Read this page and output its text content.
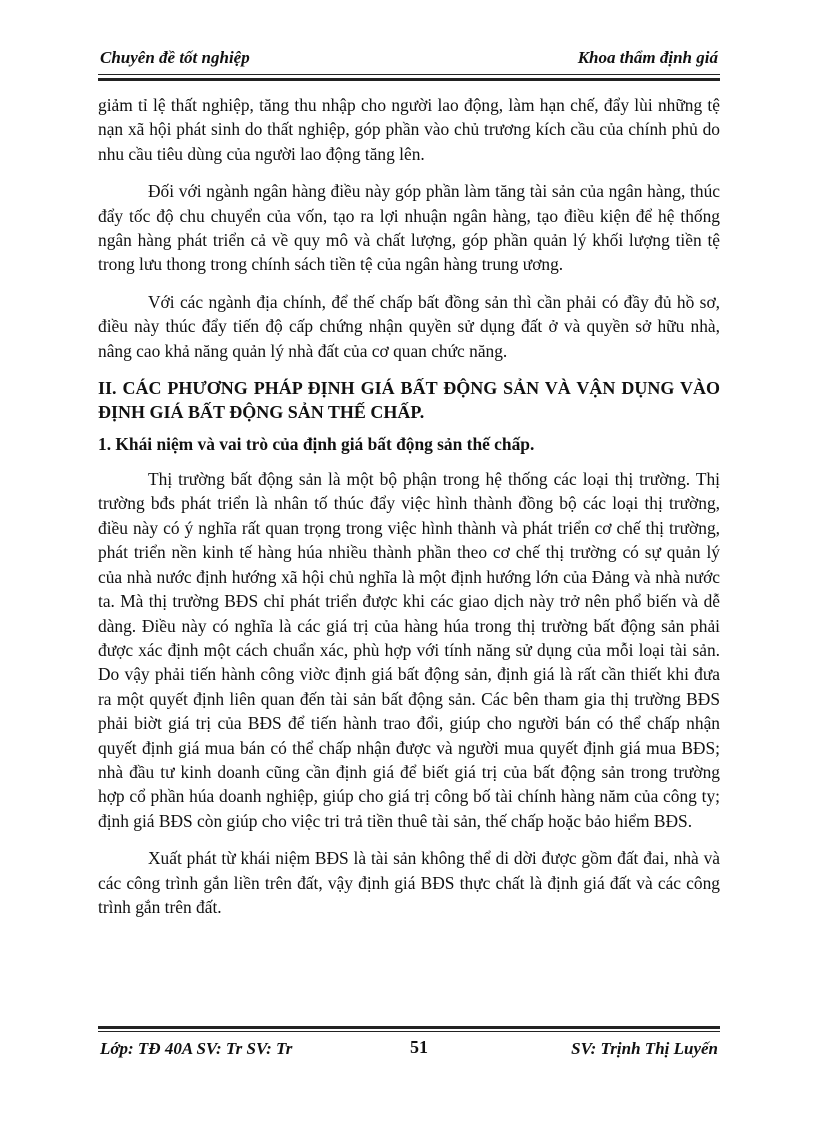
Chuyên đề tốt nghiệp	Khoa thẩm định giá

giảm tỉ lệ thất nghiệp, tăng thu nhập cho người lao động, làm hạn chế, đẩy lùi những tệ nạn xã hội phát sinh do thất nghiệp, góp phần vào chủ trương kích cầu của chính phủ do nhu cầu tiêu dùng của người lao động tăng lên.

Đối với ngành ngân hàng điều này góp phần làm tăng tài sản của ngân hàng, thúc đẩy tốc độ chu chuyển của vốn, tạo ra lợi nhuận ngân hàng, tạo điều kiện để hệ thống ngân hàng phát triển cả về quy mô và chất lượng, góp phần quản lý khối lượng tiền tệ trong lưu thong trong chính sách tiền tệ của ngân hàng trung ương.

Với các ngành địa chính, để thế chấp bất đồng sản thì cần phải có đầy đủ hồ sơ, điều này thúc đẩy tiến độ cấp chứng nhận quyền sử dụng đất ở và quyền sở hữu nhà, nâng cao khả năng quản lý nhà đất của cơ quan chức năng.

II. CÁC PHƯƠNG PHÁP ĐỊNH GIÁ BẤT ĐỘNG SẢN VÀ VẬN DỤNG VÀO ĐỊNH GIÁ BẤT ĐỘNG SẢN THẾ CHẤP.
1. Khái niệm và vai trò của định giá bất động sản thế chấp.

Thị trường bất động sản là một bộ phận trong hệ thống các loại thị trường. Thị trường bđs phát triển là nhân tố thúc đẩy việc hình thành đồng bộ các loại thị trường, điều này có ý nghĩa rất quan trọng trong việc hình thành và phát triển cơ chế thị trường, phát triển nền kinh tế hàng húa nhiều thành phần theo cơ chế thị trường có sự quản lý của nhà nước định hướng xã hội chủ nghĩa là một định hướng lớn của Đảng và nhà nước ta. Mà thị trường BĐS chỉ phát triển được khi các giao dịch này trở nên phổ biến và dễ dàng. Điều này có nghĩa là các giá trị của hàng húa trong thị trường bất động sản phải được xác định một cách chuẩn xác, phù hợp với tính năng sử dụng của mỗi loại tài sản. Do vậy phải tiến hành công viờc định giá bất động sản, định giá là rất cần thiết khi đưa ra một quyết định liên quan đến tài sản bất động sản. Các bên tham gia thị trường BĐS phải biờt giá trị của BĐS để tiến hành trao đổi, giúp cho người bán có thể chấp nhận quyết định giá mua bán có thể chấp nhận được và người mua quyết định giá mua BĐS; nhà đầu tư kinh doanh cũng cần định giá để biết giá trị của bất động sản trong trường hợp cổ phần húa doanh nghiệp, giúp cho giá trị công bố tài chính hàng năm của công ty; định giá BĐS còn giúp cho việc tri trả tiền thuê tài sản, thế chấp hoặc bảo hiểm BĐS.

Xuất phát từ khái niệm BĐS là tài sản không thể di dời được gồm đất đai, nhà và các công trình gắn liền trên đất, vậy định giá BĐS thực chất là định giá đất và các công trình gắn trên đất.

Lớp: TĐ 40A SV: Tr SV: Tr	51	SV: Trịnh Thị Luyến
